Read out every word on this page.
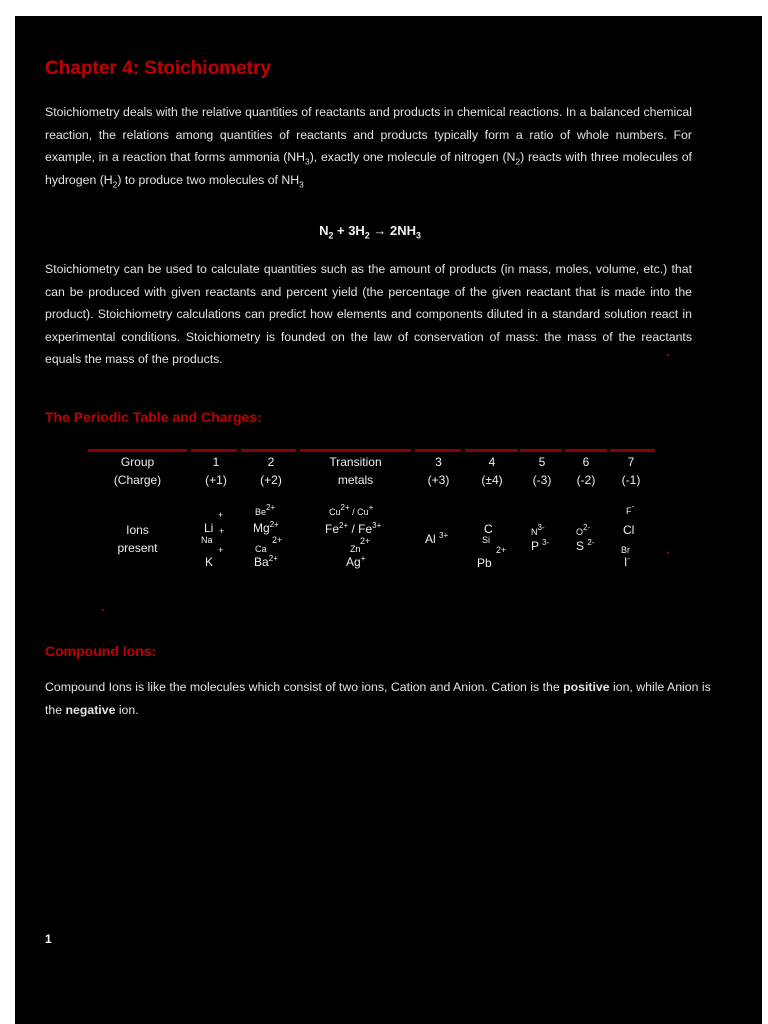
Chapter 4: Stoichiometry

Stoichiometry deals with the relative quantities of reactants and products in chemical reactions. In a balanced chemical reaction, the relations among quantities of reactants and products typically form a ratio of whole numbers. For example, in a reaction that forms ammonia $(NH_3)$, exactly one molecule of nitrogen $(N_2)$ reacts with three molecules of hydrogen $(H_2)$ to produce two molecules of $NH_3$

$N_2 + 3H_2 \to 2NH_3$

Stoichiometry can be used to calculate quantities such as the amount of products (in mass, moles, volume, etc.) that can be produced with given reactants and percent yield (the percentage of the given reactant that is made into the product). Stoichiometry calculations can predict how elements and components diluted in a standard solution react in experimental conditions. Stoichiometry is founded on the law of conservation of mass: the mass of the reactants equals the mass of the products.

The Periodic Table and Charges:
Group
(Charge)
1
(+1)
2
(+2)
Transition
metals
3
(+3)
4
(±4)
5
(-3)
6
(-2)
7
(-1)
Ions
present
+
Li +
Na
+
K
$Be^{2+}$
$Mg^{2+}$
2+
Ca
$Ba^{2+}$
$Cu^{2+} / Cu^+$
$Fe^{2+} / Fe^{3+}$
2+
Zn
Ag+
Al $^{3+}$	C
Si
2+
Pb
$N^{3-}$
P $^{3-}$
$O^{2-}$
S $^{2-}$
F-
Cl
Br
I-
Compound Ions:

Compound Ions is like the molecules which consist of two ions, Cation and Anion. Cation is the positive ion, while Anion is the negative ion.

1
